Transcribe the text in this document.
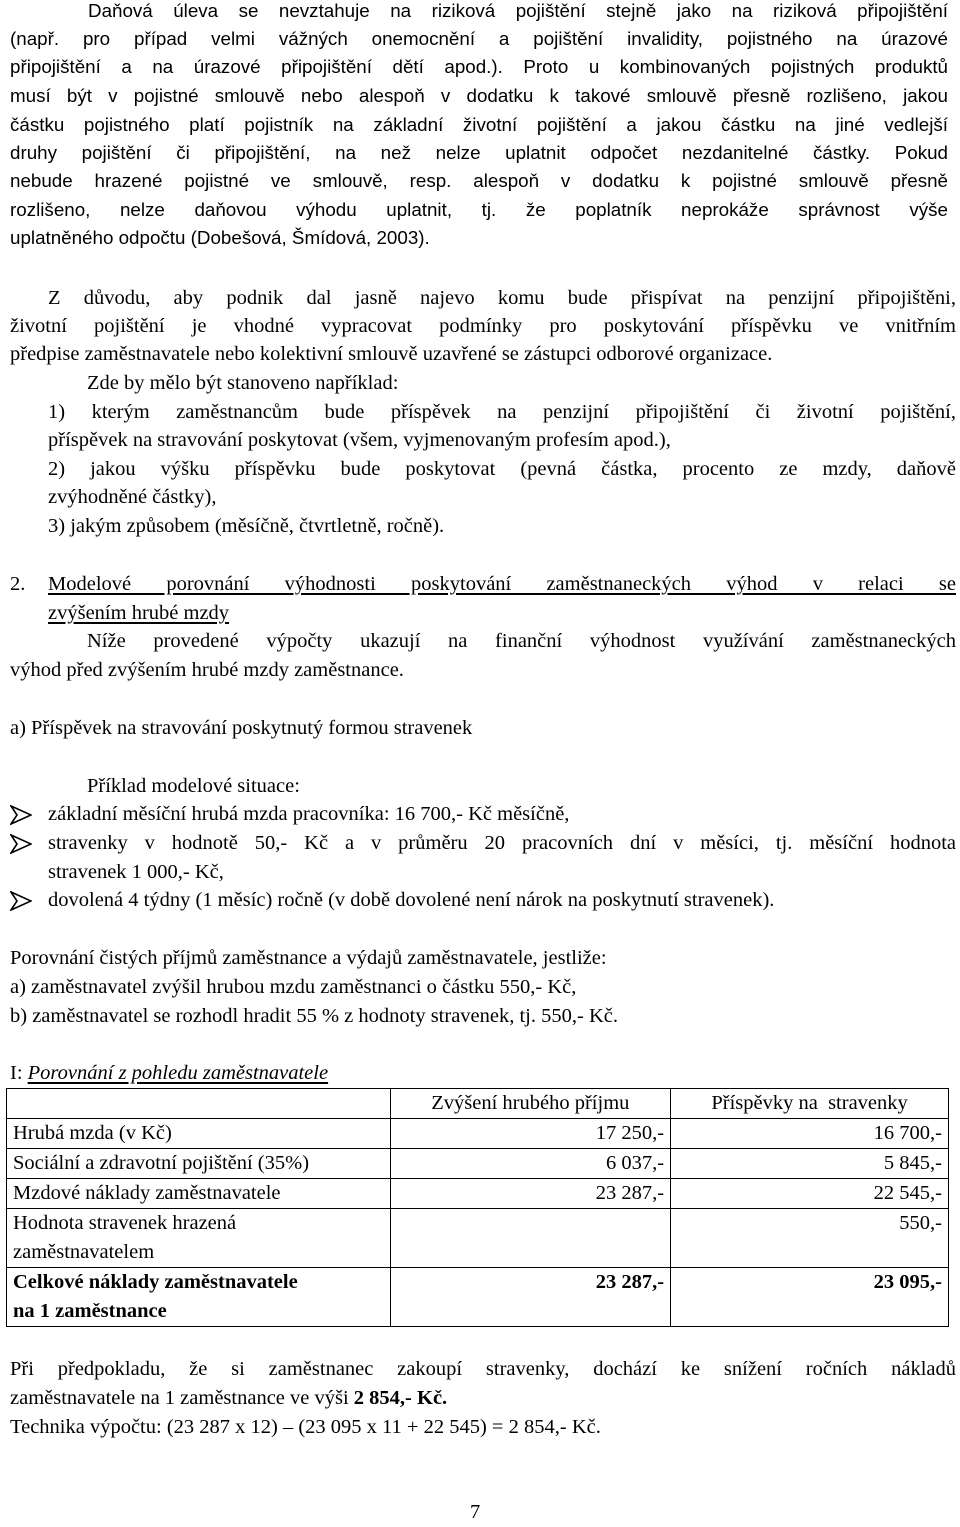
Daňová úleva se nevztahuje na riziková pojištění stejně jako na riziková připojištění
(např. pro případ velmi vážných onemocnění a pojištění invalidity, pojistného na úrazové
připojištění a na úrazové připojištění dětí apod.). Proto u kombinovaných pojistných produktů
musí být v pojistné smlouvě nebo alespoň v dodatku k takové smlouvě přesně rozlišeno, jakou
částku pojistného platí pojistník na základní životní pojištění a jakou částku na jiné vedlejší
druhy pojištění či připojištění, na než nelze uplatnit odpočet nezdanitelné částky. Pokud
nebude hrazené pojistné ve smlouvě, resp. alespoň v dodatku k pojistné smlouvě přesně
rozlišeno, nelze daňovou výhodu uplatnit, tj. že poplatník neprokáže správnost výše
uplatněného odpočtu (Dobešová, Šmídová, 2003).
Z důvodu, aby podnik dal jasně najevo komu bude přispívat na penzijní připojištěni,
životní pojištění je vhodné vypracovat podmínky pro poskytování příspěvku ve vnitřním
předpise zaměstnavatele nebo kolektivní smlouvě uzavřené se zástupci odborové organizace.
Zde by mělo být stanoveno například:
1) kterým zaměstnancům bude příspěvek na penzijní připojištění či životní pojištění,
příspěvek na stravování poskytovat (všem, vyjmenovaným profesím apod.),
2) jakou výšku příspěvku bude poskytovat (pevná částka, procento ze mzdy, daňově
zvýhodněné částky),
3) jakým způsobem (měsíčně, čtvrtletně, ročně).
2. Modelové porovnání výhodnosti poskytování zaměstnaneckých výhod v relaci se
zvýšením hrubé mzdy
Níže provedené výpočty ukazují na finanční výhodnost využívání zaměstnaneckých
výhod před zvýšením hrubé mzdy zaměstnance.
a) Příspěvek na stravování poskytnutý formou stravenek
Příklad modelové situace:
základní měsíční hrubá mzda pracovníka: 16 700,- Kč měsíčně,
stravenky v hodnotě 50,- Kč a v průměru 20 pracovních dní v měsíci, tj. měsíční hodnota
stravenek 1 000,- Kč,
dovolená 4 týdny (1 měsíc) ročně (v době dovolené není nárok na poskytnutí stravenek).
Porovnání čistých příjmů zaměstnance a výdajů zaměstnavatele, jestliže:
a) zaměstnavatel zvýšil hrubou mzdu zaměstnanci o částku 550,- Kč,
b) zaměstnavatel se rozhodl hradit 55 % z hodnoty stravenek, tj. 550,- Kč.
I: Porovnání z pohledu zaměstnavatele
	Zvýšení hrubého příjmu	Příspěvky na  stravenky
Hrubá mzda (v Kč)	17 250,-	16 700,-
Sociální a zdravotní pojištění (35%)	6 037,-	5 845,-
Mzdové náklady zaměstnavatele	23 287,-	22 545,-

Hodnota stravenek hrazená
zaměstnavatelem		550,-

Celkové náklady zaměstnavatele
na 1 zaměstnance	23 287,-	23 095,-
Při předpokladu, že si zaměstnanec zakoupí stravenky, dochází ke snížení ročních nákladů
zaměstnavatele na 1 zaměstnance ve výši 2 854,- Kč.
Technika výpočtu: (23 287 x 12) – (23 095 x 11 + 22 545) = 2 854,- Kč.
7
